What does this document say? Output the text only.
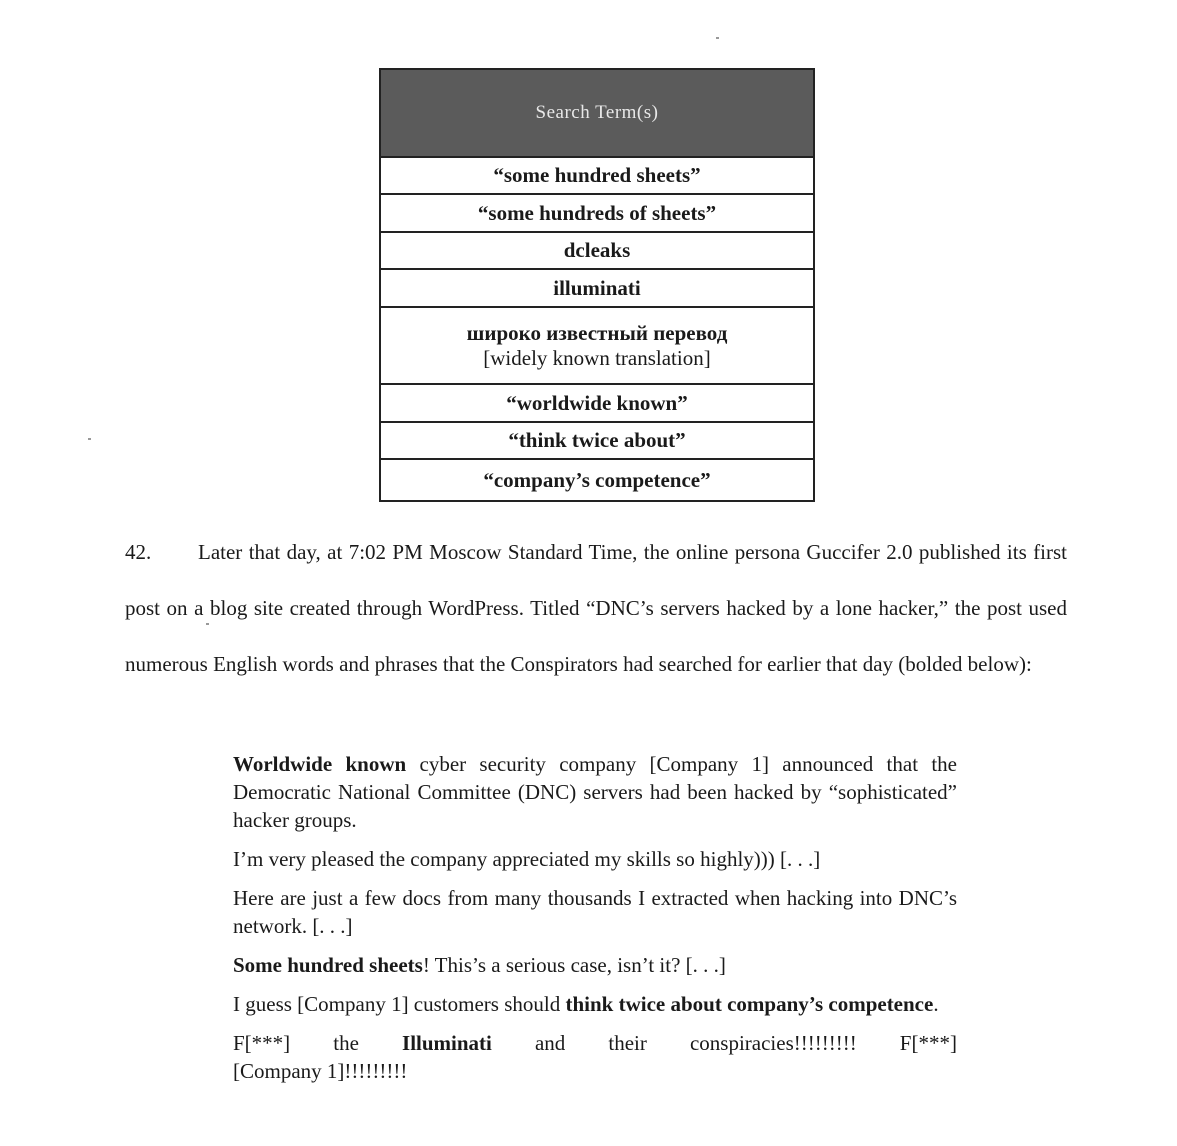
Search Term(s)
“some hundred sheets”
“some hundreds of sheets”
dcleaks
illuminati

широко известный перевод
[widely known translation]

“worldwide known”
“think twice about”
“company’s competence”
42. Later that day, at 7:02 PM Moscow Standard Time, the online persona Guccifer 2.0 published its first post on a blog site created through WordPress. Titled “DNC’s servers hacked by a lone hacker,” the post used numerous English words and phrases that the Conspirators had searched for earlier that day (bolded below):

Worldwide known cyber security company [Company 1] announced that the Democratic National Committee (DNC) servers had been hacked by “sophisticated” hacker groups.

I’m very pleased the company appreciated my skills so highly))) [. . .]

Here are just a few docs from many thousands I extracted when hacking into DNC’s network. [. . .]

Some hundred sheets! This’s a serious case, isn’t it? [. . .]

I guess [Company 1] customers should think twice about company’s competence.

F[***] the Illuminati and their conspiracies!!!!!!!!! F[***]
[Company 1]!!!!!!!!!
